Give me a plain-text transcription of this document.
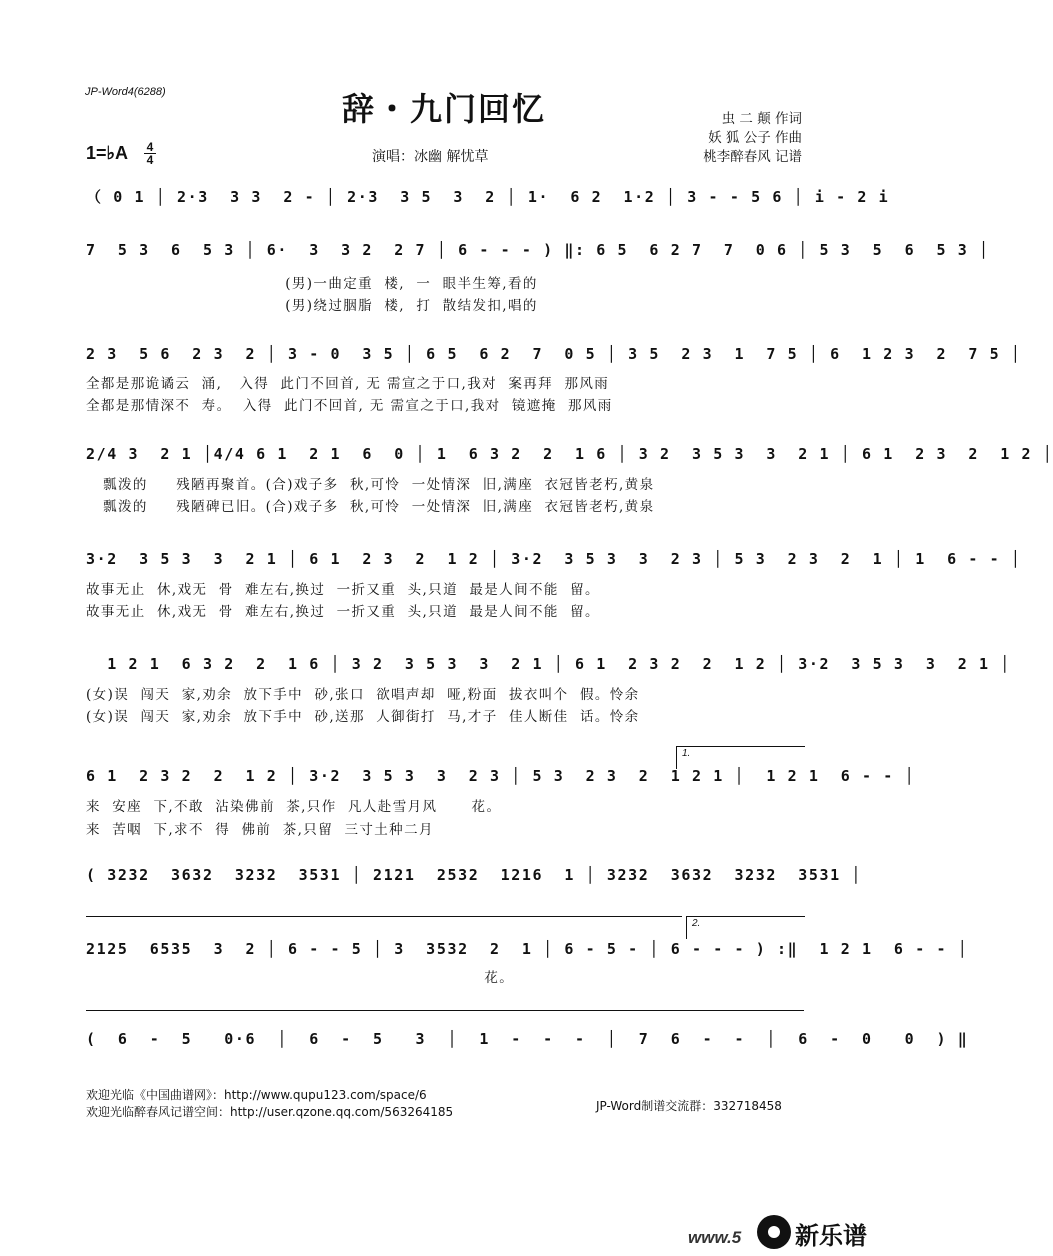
JP-Word4(6288)	辞・九门回忆	虫 二 颠 作词
妖 狐 公子 作曲
桃李醉春风 记谱
1=♭A	4
4	演唱：冰幽 解忧草
（ 0 1 │ 2·3  3 3  2 - │ 2·3  3 5  3  2 │ 1·  6 2  1·2 │ 3 - - 5 6 │ i - 2 i
7  5 3  6  5 3 │ 6·  3  3 2  2 7 │ 6 - - - ) ‖: 6 5  6 2 7  7  0 6 │ 5 3  5  6  5 3 │
(男)一曲定重  楼,  一  眼半生筹,看的
(男)绕过胭脂  楼,  打  散结发扣,唱的
2 3  5 6  2 3  2 │ 3 - 0  3 5 │ 6 5  6 2  7  0 5 │ 3 5  2 3  1  7 5 │ 6  1 2 3  2  7 5 │
全都是那诡谲云  涌,   入得  此门不回首, 无 需宣之于口,我对  案再拜  那风雨
全都是那情深不  寿。  入得  此门不回首, 无 需宣之于口,我对  镜遮掩  那风雨
2/4 3  2 1 │4/4 6 1  2 1  6  0 │ 1  6 3 2  2  1 6 │ 3 2  3 5 3  3  2 1 │ 6 1  2 3  2  1 2 │
瓢泼的     残陋再聚首。(合)戏子多  秋,可怜  一处情深  旧,满座  衣冠皆老朽,黄泉
瓢泼的     残陋碑已旧。(合)戏子多  秋,可怜  一处情深  旧,满座  衣冠皆老朽,黄泉
3·2  3 5 3  3  2 1 │ 6 1  2 3  2  1 2 │ 3·2  3 5 3  3  2 3 │ 5 3  2 3  2  1 │ 1  6 - - │
故事无止  休,戏无  骨  难左右,换过  一折又重  头,只道  最是人间不能  留。
故事无止  休,戏无  骨  难左右,换过  一折又重  头,只道  最是人间不能  留。
1 2 1  6 3 2  2  1 6 │ 3 2  3 5 3  3  2 1 │ 6 1  2 3 2  2  1 2 │ 3·2  3 5 3  3  2 1 │
(女)误  闯天  家,劝余  放下手中  砂,张口  欲唱声却  哑,粉面  拔衣叫个  假。怜余
(女)误  闯天  家,劝余  放下手中  砂,送那  人御街打  马,才子  佳人断佳  话。怜余
1.
6 1  2 3 2  2  1 2 │ 3·2  3 5 3  3  2 3 │ 5 3  2 3  2  1 2 1 │  1 2 1  6 - - │
来  安座  下,不敢  沾染佛前  茶,只作  凡人赴雪月风      花。
来  苦咽  下,求不  得  佛前  茶,只留  三寸土种二月
( 3232  3632  3232  3531 │ 2121  2532  1216  1 │ 3232  3632  3232  3531 │
2.
2125  6535  3  2 │ 6 - - 5 │ 3  3532  2  1 │ 6 - 5 - │ 6 - - - ) :‖  1 2 1  6 - - │
花。
(  6  -  5   0·6  │  6  -  5   3  │  1  -  -  -  │  7  6  -  -  │  6  -  0   0  ) ‖
欢迎光临《中国曲谱网》：http://www.qupu123.com/space/6
欢迎光临醉春风记谱空间：http://user.qzone.qq.com/563264185	JP-Word制谱交流群：332718458
www.5 新乐谱
